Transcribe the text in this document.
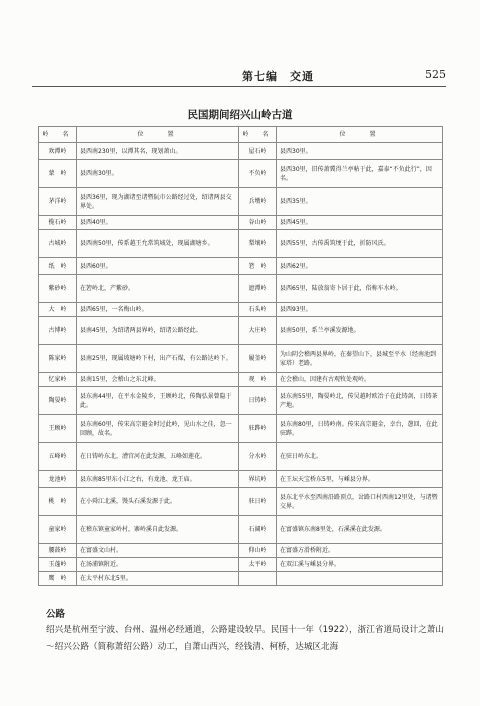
第七编　交通	525
民国期间绍兴山岭古道
岭　名	位　　置	岭　名	位　　置
欢潭岭	县西南230里，以潭其名，现划萧山。	屋石岭	县西30里。
蒙　岭	县西南30里。	不负岭	县西30里，旧传萧冀得兰亭帖于此，嘉泰“不负此行”，因名。
茅洋岭	县西36里，现为湖诸至诸暨阮市公路经过处，绍诸两县交界处。	兵墩岭	县西35里。
揽石岭	县西40里。	谷山岭	县西45里。
古城岭	县西南50里，传系越王允常筑城处，现属湖塘乡。	梨壤岭	县西55里，古传禹筑埂于此，折防风氏。
纸　岭	县西60里。	箬　岭	县西62里。
紫砂岭	在箬岭北，产紫砂。	遮潭岭	县西65里，陆放翁寄卜居于此，俗称车水岭。
大　岭	县西65里，一名梅山岭。	石头岭	县西93里。
古博岭	县南45里，为绍诸两县界岭，绍诸公路经此。	大庄岭	县南50里，系兰亭溪发源地。
陈家岭	县南25里，现属坡塘岭下村，出产石煤，有公路达岭下。	履釜岭	为山阴会稽两县界岭，在秦望山下，县城至平水（经南池到家塔）老路。
忆家岭	县南15里，会稽山之东北峰。	观　岭	在会稽山，因建有古观牧处观岭。
陶晏岭	县东南44里，在平水金陵乡，王顾岭北，传陶弘景曾隐于此。	日铸岭	县东南55里，陶晏岭北，传吴越时欧冶子在此铸剑，日铸茶产地。
王顾岭	县东南60里，传宋高宗避金时过此岭，见山水之佳，忽一回顾，故名。	驻跸岭	县东南80里，日铸岭南。传宋高宗避金，幸台，憩回，在此驻跸。
五峰岭	在日铸岭东北，漕宫河在此发源，五峰如莲花。	分水岭	在驻日岭东北。
龙池岭	县东南85里东小江之右，有龙池、龙王庙。	界坑岭	在王坛天宝桥东5里，与嵊县分界。
桃　岭	在小舜江北溪，馒头石溪发源于此。	驻日岭	县东北平水至西南沿路顶点，岔路口村西南12里处，与诸暨交界。
童家岭	在稽东镇童家岭村，寨岭溪自此发源。	石阔岭	在富盛镇东南8里处，石溪溪在此发源。
腰鼓岭	在富盛文山村。	仰山岭	在富盛方滑桥附近。
玉蓬岭	在汤浦镇附近。	太平岭	在双江溪与嵊县分界。
鹰　岭	在太平村东北5里。		
公路
绍兴是杭州至宁波、台州、温州必经通道，公路建设较早。民国十一年（1922），浙江省道局设计之萧山～绍兴公路（简称萧绍公路）动工，自萧山西兴，经钱清、柯桥，达城区北海
